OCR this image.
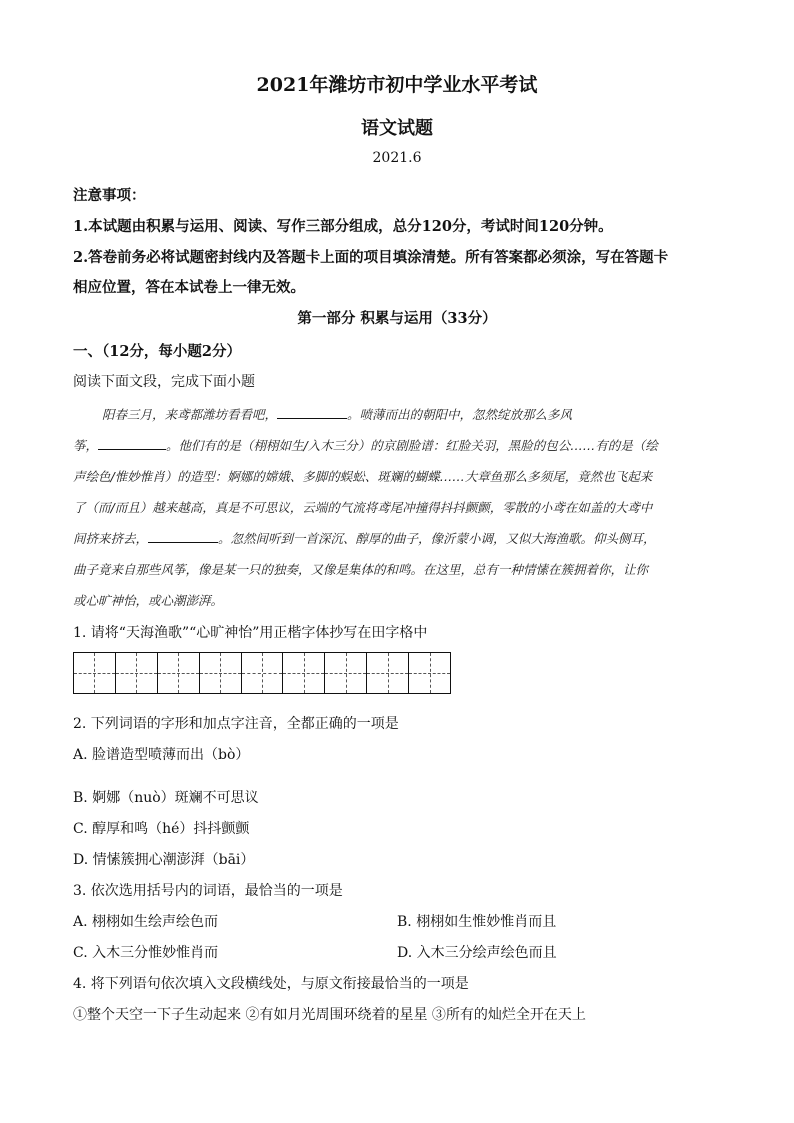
2021年潍坊市初中学业水平考试
语文试题
2021.6
注意事项：
1.本试题由积累与运用、阅读、写作三部分组成，总分120分，考试时间120分钟。
2.答卷前务必将试题密封线内及答题卡上面的项目填涂清楚。所有答案都必须涂，写在答题卡
相应位置，答在本试卷上一律无效。
第一部分 积累与运用（33分）
一、（12分，每小题2分）
阅读下面文段，完成下面小题
阳春三月，来鸢都潍坊看看吧，	。喷薄而出的朝阳中，忽然绽放那么多风
筝，	。他们有的是（栩栩如生/入木三分）的京剧脸谱：红脸关羽，黑脸的包公……有的是（绘
声绘色/惟妙惟肖）的造型：婀娜的嫦娥、多脚的蜈蚣、斑斓的蝴蝶……大章鱼那么多须尾，竟然也飞起来
了（而/而且）越来越高，真是不可思议，云端的气流将鸢尾冲撞得抖抖颤颤，零散的小鸢在如盖的大鸢中
间挤来挤去，	。忽然间听到一首深沉、醇厚的曲子，像沂蒙小调，又似大海渔歌。仰头侧耳，
曲子竟来自那些风筝，像是某一只的独奏，又像是集体的和鸣。在这里，总有一种情愫在簇拥着你，让你
或心旷神怡，或心潮澎湃。
1. 请将“天海渔歌”“心旷神怡”用正楷字体抄写在田字格中
2. 下列词语的字形和加点字注音，全都正确的一项是
A. 脸谱造型喷薄而出（bò）
B. 婀娜（nuò）斑斓不可思议
C. 醇厚和鸣（hé）抖抖颤颤
D. 情愫簇拥心潮澎湃（bāi）
3. 依次选用括号内的词语，最恰当的一项是
A. 栩栩如生绘声绘色而	B. 栩栩如生惟妙惟肖而且
C. 入木三分惟妙惟肖而	D. 入木三分绘声绘色而且
4. 将下列语句依次填入文段横线处，与原文衔接最恰当的一项是
①整个天空一下子生动起来 ②有如月光周围环绕着的星星 ③所有的灿烂全开在天上
